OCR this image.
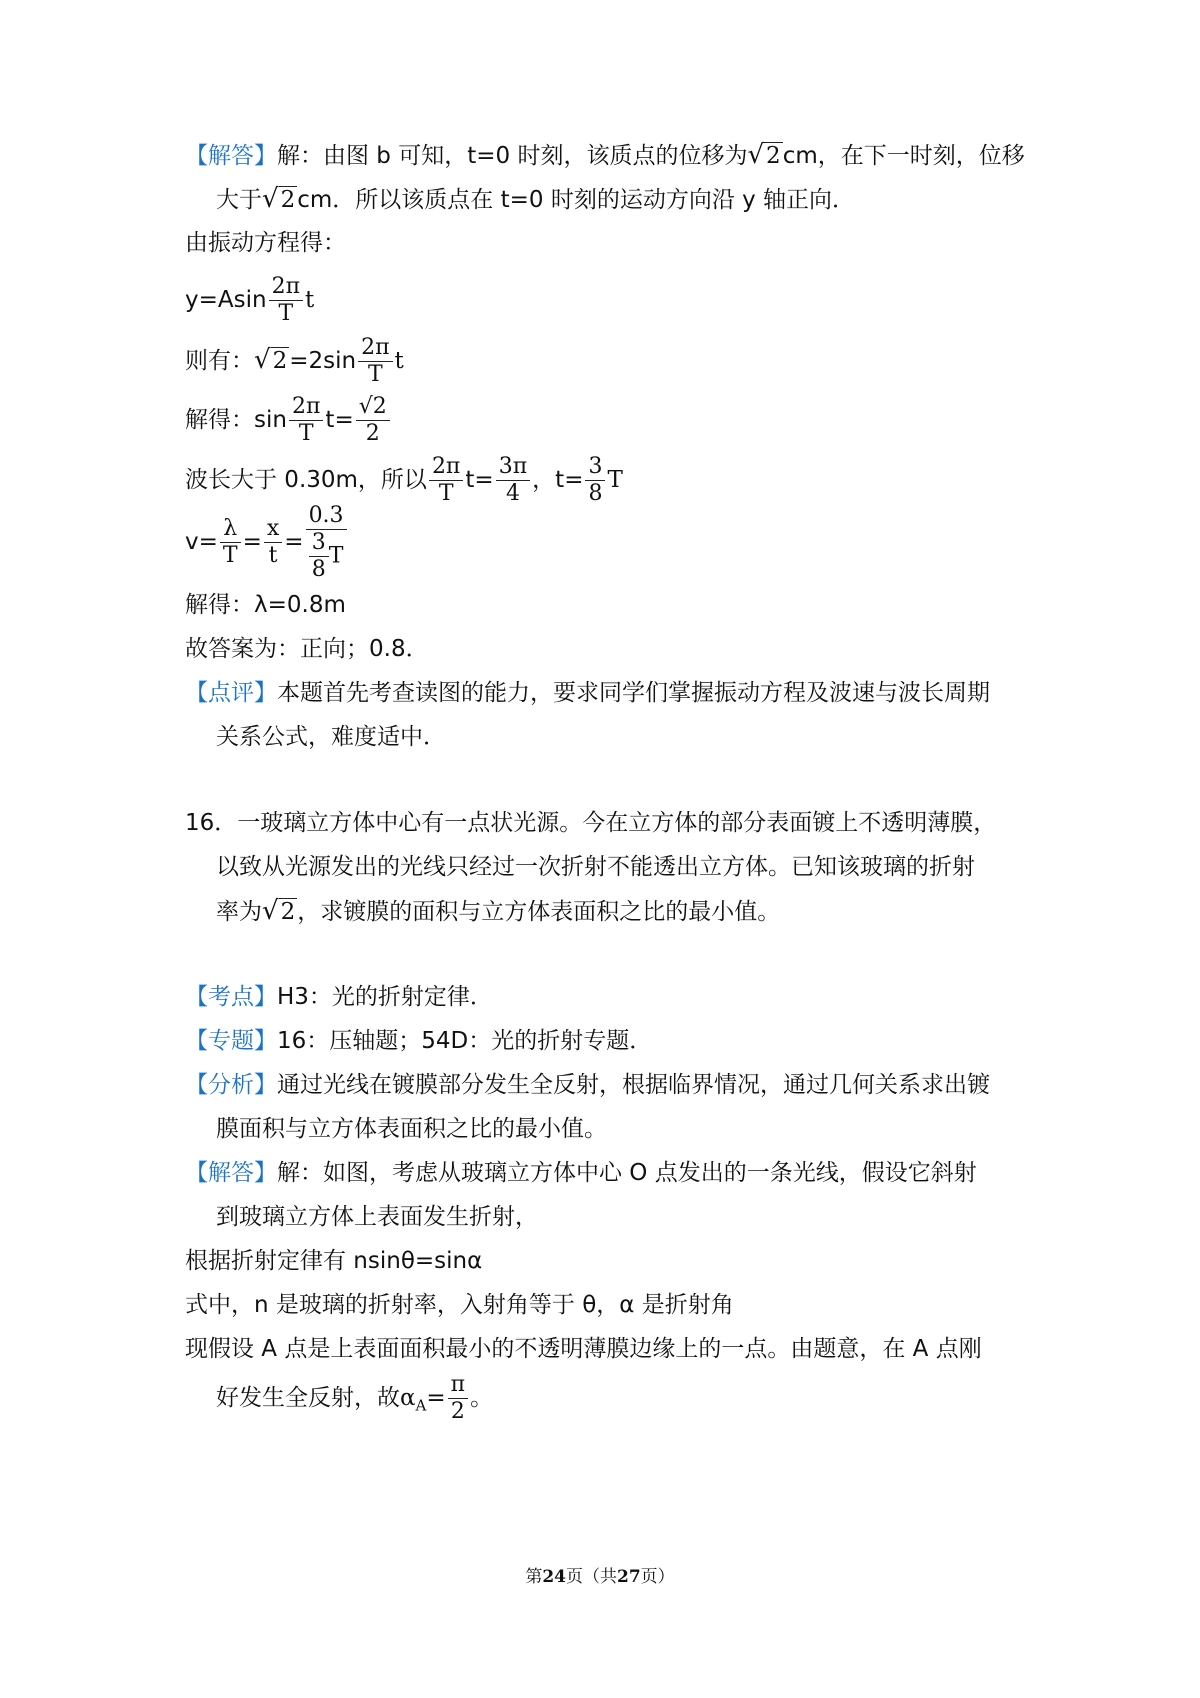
【解答】解：由图 b 可知，t=0 时刻，该质点的位移为√2cm，在下一时刻，位移
大于√2cm．所以该质点在 t=0 时刻的运动方向沿 y 轴正向．
由振动方程得：
$y=Asin \frac{2\pi}{T}$ t
则有：$√2=2\sin \frac{2\pi}{T}$ t
解得：$\sin \frac{2\pi}{T} t= \frac{√2}{2}$
波长大于 0.30m，所以 $\frac{2\pi}{T} t= \frac{3\pi}{4}$ ，$t= \frac{3}{8}$ T
$v= \frac{\lambda}{T} = \frac{x}{t} = \frac{0.3}{\frac{3}{8} T}$
解得：λ=0.8m
故答案为：正向；0.8．
【点评】本题首先考查读图的能力，要求同学们掌握振动方程及波速与波长周期
关系公式，难度适中．
16．一玻璃立方体中心有一点状光源。今在立方体的部分表面镀上不透明薄膜，
以致从光源发出的光线只经过一次折射不能透出立方体。已知该玻璃的折射
率为√2，求镀膜的面积与立方体表面积之比的最小值。
【考点】H3：光的折射定律．
【专题】16：压轴题；54D：光的折射专题．
【分析】通过光线在镀膜部分发生全反射，根据临界情况，通过几何关系求出镀
膜面积与立方体表面积之比的最小值。
【解答】解：如图，考虑从玻璃立方体中心 O 点发出的一条光线，假设它斜射
到玻璃立方体上表面发生折射，
根据折射定律有 nsinθ=sinα
式中，n 是玻璃的折射率，入射角等于 θ，α 是折射角
现假设 A 点是上表面面积最小的不透明薄膜边缘上的一点。由题意，在 A 点刚
好发生全反射，故$\alpha_A= \frac{\pi}{2}$ 。
第24页（共27页）
